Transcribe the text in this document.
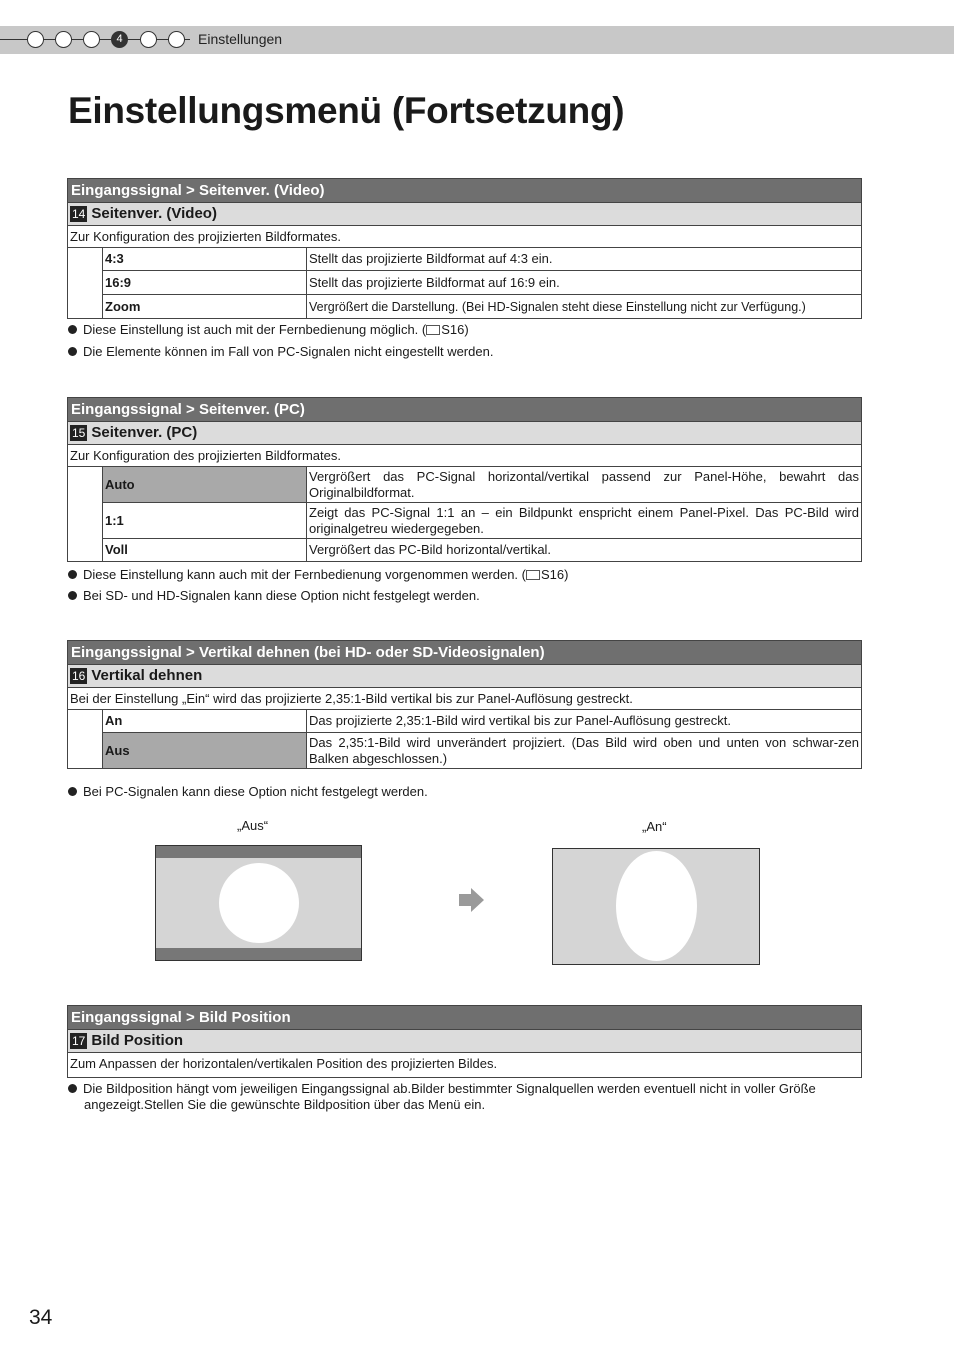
4	Einstellungen
Einstellungsmenü (Fortsetzung)
Eingangssignal > Seitenver. (Video)
14 Seitenver. (Video)
Zur Konfiguration des projizierten Bildformates.
	4:3	Stellt das projizierte Bildformat auf 4:3 ein.
	16:9	Stellt das projizierte Bildformat auf 16:9 ein.
	Zoom	Vergrößert die Darstellung. (Bei HD-Signalen steht diese Einstellung nicht zur Verfügung.)
Diese Einstellung ist auch mit der Fernbedienung möglich. ( S16)
Die Elemente können im Fall von PC-Signalen nicht eingestellt werden.
Eingangssignal > Seitenver. (PC)
15 Seitenver. (PC)
Zur Konfiguration des projizierten Bildformates.
	Auto	Vergrößert das PC-Signal horizontal/vertikal passend zur Panel-Höhe, bewahrt das Originalbildformat.
	1:1	Zeigt das PC-Signal 1:1 an – ein Bildpunkt enspricht einem Panel-Pixel. Das PC-Bild wird originalgetreu wiedergegeben.
	Voll	Vergrößert das PC-Bild horizontal/vertikal.
Diese Einstellung kann auch mit der Fernbedienung vorgenommen werden. ( S16)
Bei SD- und HD-Signalen kann diese Option nicht festgelegt werden.
Eingangssignal > Vertikal dehnen (bei HD- oder SD-Videosignalen)
16 Vertikal dehnen
Bei der Einstellung „Ein“ wird das projizierte 2,35:1-Bild vertikal bis zur Panel-Auflösung gestreckt.
	An	Das projizierte 2,35:1-Bild wird vertikal bis zur Panel-Auflösung gestreckt.
	Aus	Das 2,35:1-Bild wird unverändert projiziert. (Das Bild wird oben und unten von schwar-zen Balken abgeschlossen.)
Bei PC-Signalen kann diese Option nicht festgelegt werden.
„Aus“	„An“
Eingangssignal > Bild Position
17 Bild Position
Zum Anpassen der horizontalen/vertikalen Position des projizierten Bildes.
Die Bildposition hängt vom jeweiligen Eingangssignal ab.Bilder bestimmter Signalquellen werden eventuell nicht in voller Größe angezeigt.Stellen Sie die gewünschte Bildposition über das Menü ein.
34
